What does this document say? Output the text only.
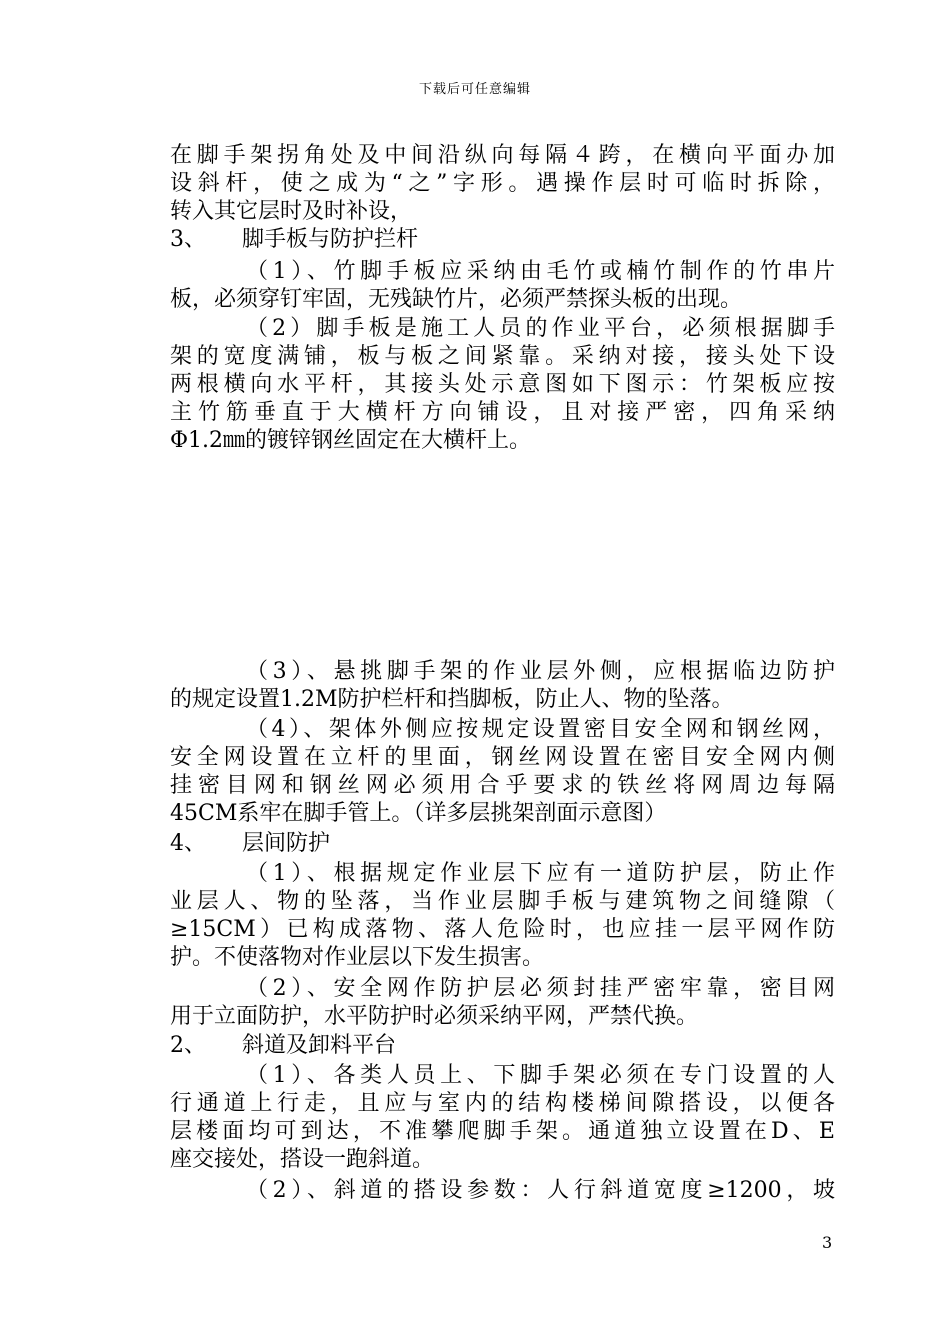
下载后可任意编辑

在脚手架拐角处及中间沿纵向每隔４跨，在横向平面办加

设斜杆，使之成为“之”字形。遇操作层时可临时拆除，

转入其它层时及时补设，

3、 脚手板与防护拦杆

（1）、竹脚手板应采纳由毛竹或楠竹制作的竹串片

板，必须穿钉牢固，无残缺竹片，必须严禁探头板的出现。

（2）脚手板是施工人员的作业平台，必须根据脚手

架的宽度满铺，板与板之间紧靠。采纳对接，接头处下设

两根横向水平杆，其接头处示意图如下图示：竹架板应按

主竹筋垂直于大横杆方向铺设，且对接严密，四角采纳

Φ1.2㎜的镀锌钢丝固定在大横杆上。

（3）、悬挑脚手架的作业层外侧，应根据临边防护

的规定设置1.2M防护栏杆和挡脚板，防止人、物的坠落。

（4）、架体外侧应按规定设置密目安全网和钢丝网，

安全网设置在立杆的里面，钢丝网设置在密目安全网内侧

挂密目网和钢丝网必须用合乎要求的铁丝将网周边每隔

45CM系牢在脚手管上。（详多层挑架剖面示意图）

4、 层间防护

（1）、根据规定作业层下应有一道防护层，防止作

业层人、物的坠落，当作业层脚手板与建筑物之间缝隙（

≥15CM）已构成落物、落人危险时，也应挂一层平网作防

护。不使落物对作业层以下发生损害。

（2）、安全网作防护层必须封挂严密牢靠，密目网

用于立面防护，水平防护时必须采纳平网，严禁代换。

2、 斜道及卸料平台

（1）、各类人员上、下脚手架必须在专门设置的人

行通道上行走，且应与室内的结构楼梯间隙搭设，以便各

层楼面均可到达，不准攀爬脚手架。通道独立设置在D、E

座交接处，搭设一跑斜道。

（2）、斜道的搭设参数：人行斜道宽度≥1200，坡

3
